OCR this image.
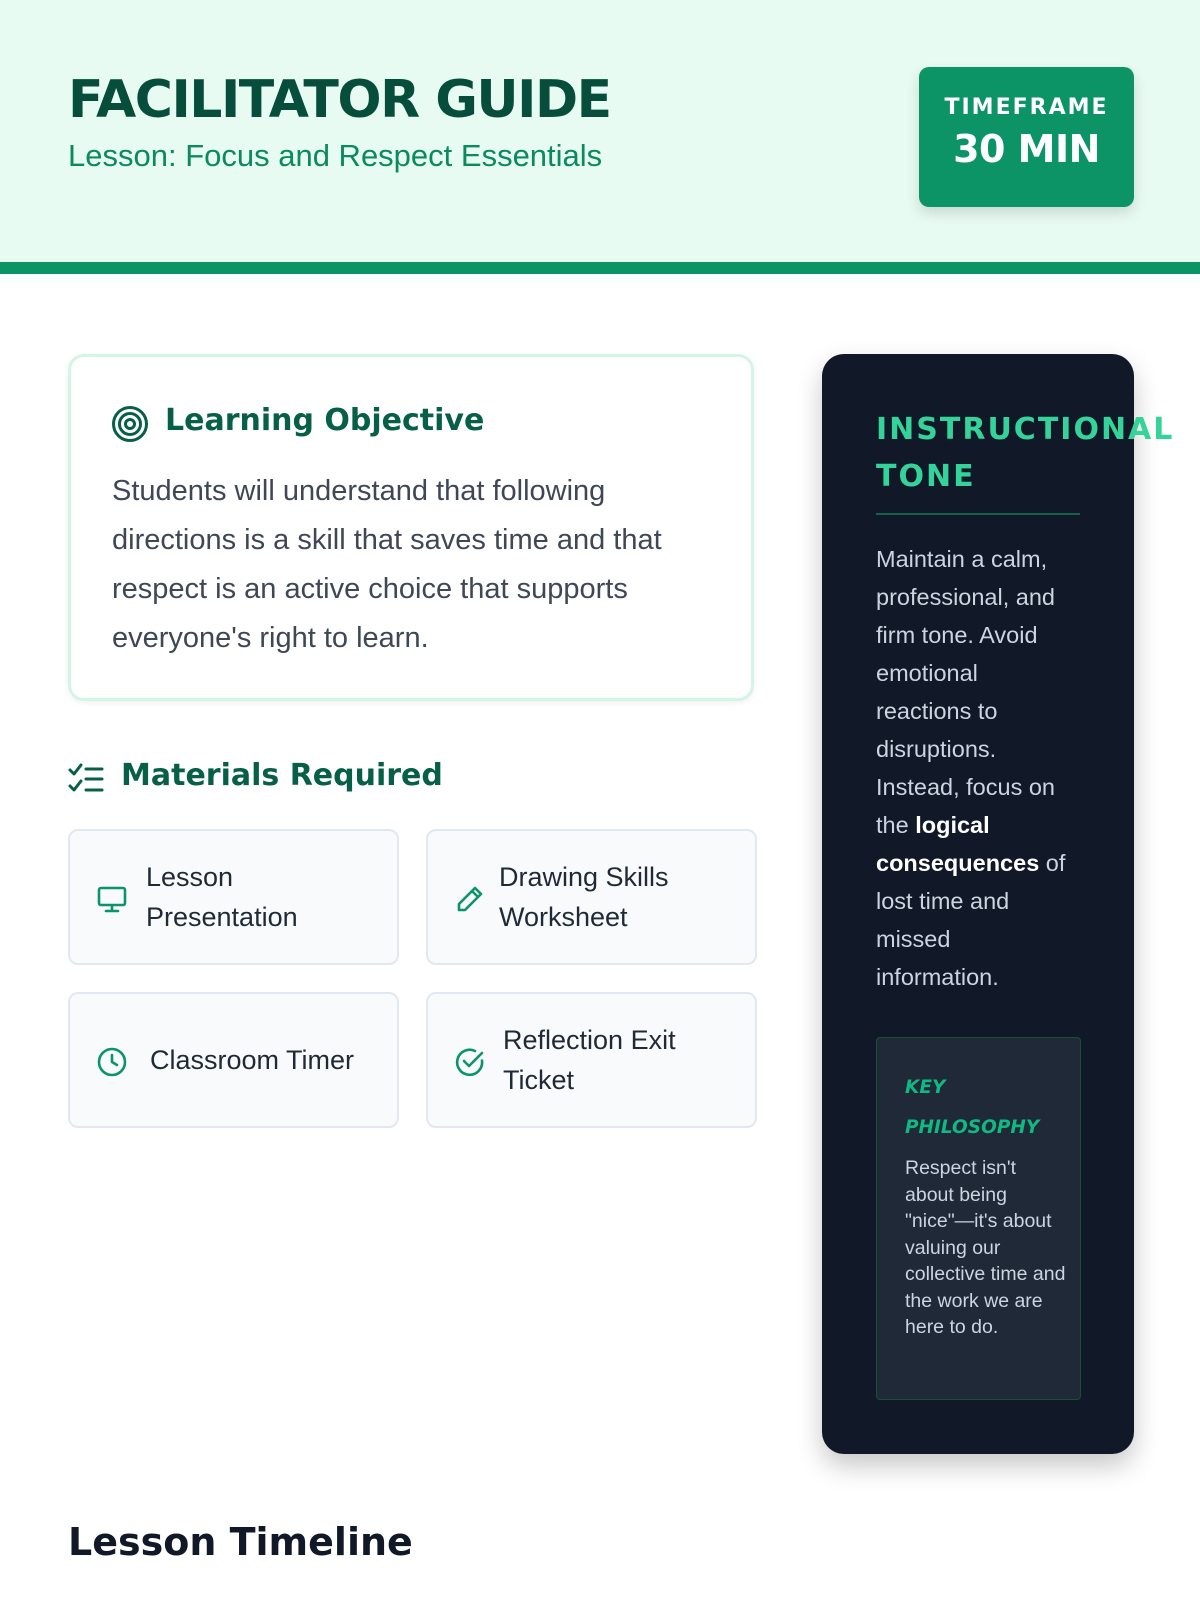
FACILITATOR GUIDE
Lesson: Focus and Respect Essentials
TIMEFRAME
30 MIN
Learning Objective
Students will understand that following directions is a skill that saves time and that respect is an active choice that supports everyone's right to learn.
Materials Required
Lesson Presentation
Drawing Skills Worksheet
Classroom Timer
Reflection Exit Ticket
INSTRUCTIONAL
TONE
Maintain a calm, professional, and firm tone. Avoid emotional reactions to disruptions. Instead, focus on the logical consequences of lost time and missed information.
KEY PHILOSOPHY
Respect isn't about being "nice"—it's about valuing our collective time and the work we are here to do.
Lesson Timeline
